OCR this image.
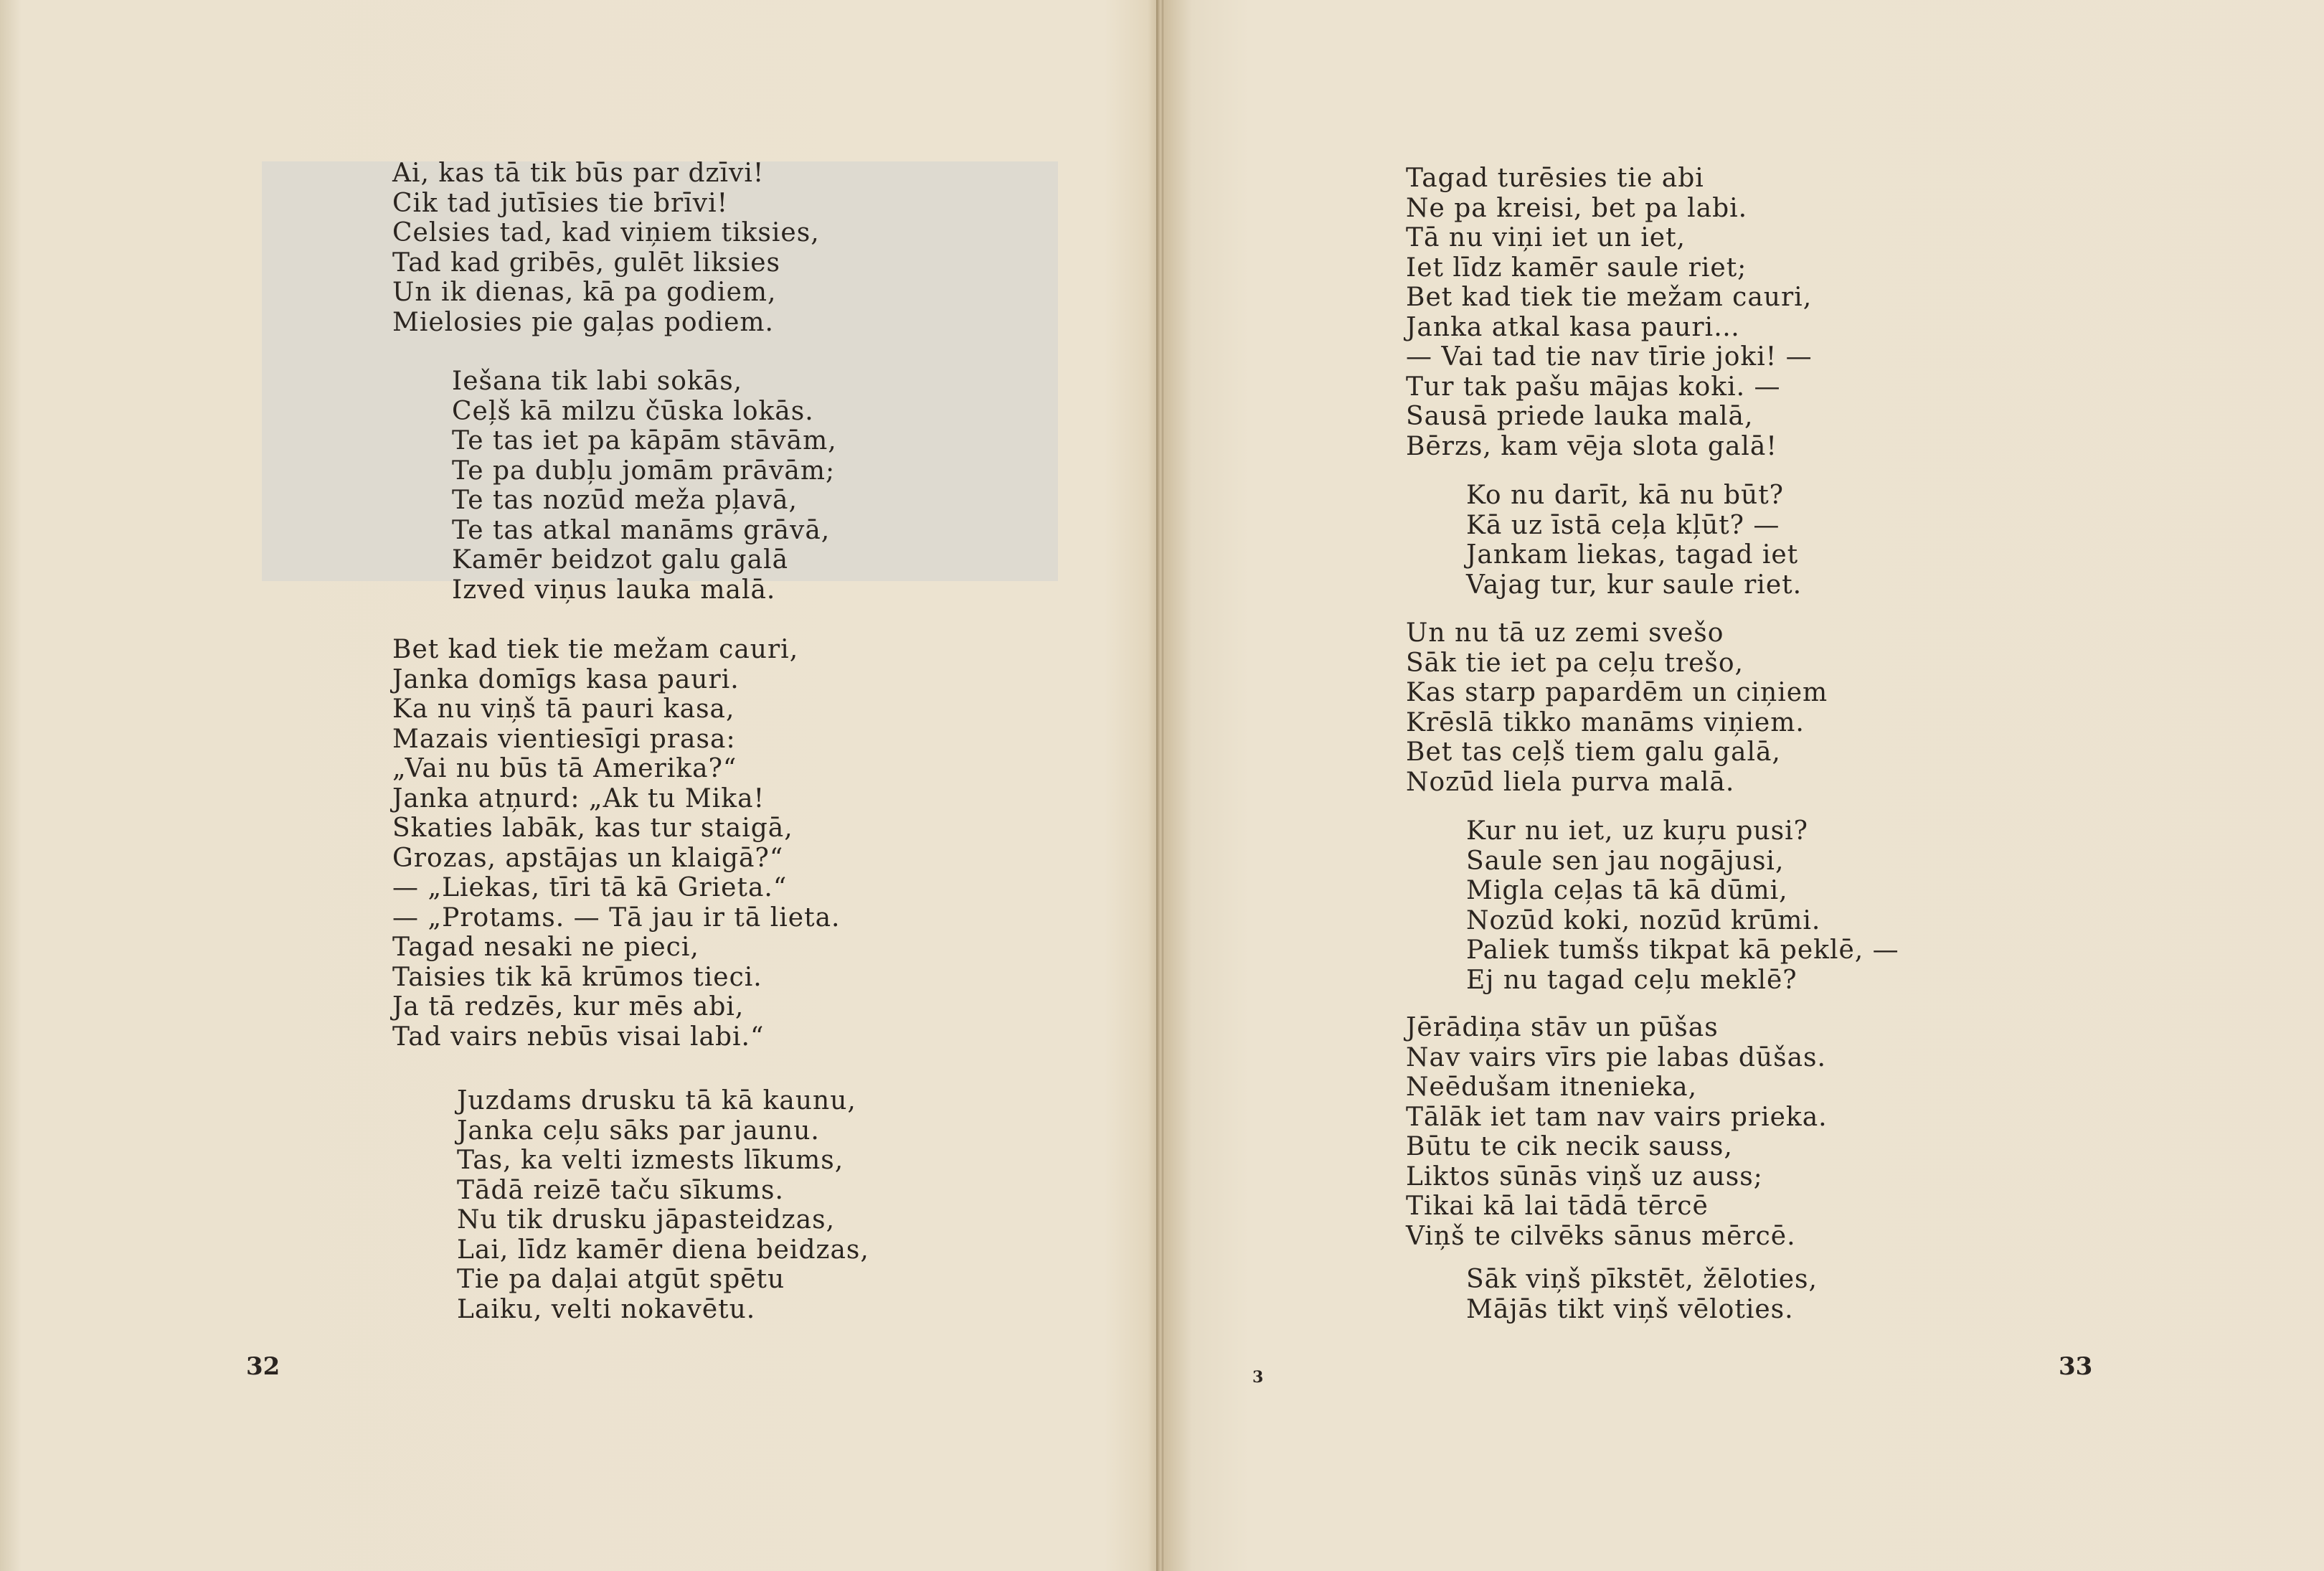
Ai, kas tā tik būs par dzīvi!
Cik tad jutīsies tie brīvi!
Celsies tad, kad viņiem tiksies,
Tad kad gribēs, gulēt liksies
Un ik dienas, kā pa godiem,
Mielosies pie gaļas podiem.
Iešana tik labi sokās,
Ceļš kā milzu čūska lokās.
Te tas iet pa kāpām stāvām,
Te pa dubļu jomām prāvām;
Te tas nozūd meža pļavā,
Te tas atkal manāms grāvā,
Kamēr beidzot galu galā
Izved viņus lauka malā.
Bet kad tiek tie mežam cauri,
Janka domīgs kasa pauri.
Ka nu viņš tā pauri kasa,
Mazais vientiesīgi prasa:
„Vai nu būs tā Amerika?“
Janka atņurd: „Ak tu Mika!
Skaties labāk, kas tur staigā,
Grozas, apstājas un klaigā?“
— „Liekas, tīri tā kā Grieta.“
— „Protams. — Tā jau ir tā lieta.
Tagad nesaki ne pieci,
Taisies tik kā krūmos tieci.
Ja tā redzēs, kur mēs abi,
Tad vairs nebūs visai labi.“
Juzdams drusku tā kā kaunu,
Janka ceļu sāks par jaunu.
Tas, ka velti izmests līkums,
Tādā reizē taču sīkums.
Nu tik drusku jāpasteidzas,
Lai, līdz kamēr diena beidzas,
Tie pa daļai atgūt spētu
Laiku, velti nokavētu.
32
Tagad turēsies tie abi
Ne pa kreisi, bet pa labi.
Tā nu viņi iet un iet,
Iet līdz kamēr saule riet;
Bet kad tiek tie mežam cauri,
Janka atkal kasa pauri…
— Vai tad tie nav tīrie joki! —
Tur tak pašu mājas koki. —
Sausā priede lauka malā,
Bērzs, kam vēja slota galā!
Ko nu darīt, kā nu būt?
Kā uz īstā ceļa kļūt? —
Jankam liekas, tagad iet
Vajag tur, kur saule riet.
Un nu tā uz zemi svešo
Sāk tie iet pa ceļu trešo,
Kas starp papardēm un ciņiem
Krēslā tikko manāms viņiem.
Bet tas ceļš tiem galu galā,
Nozūd liela purva malā.
Kur nu iet, uz kuŗu pusi?
Saule sen jau nogājusi,
Migla ceļas tā kā dūmi,
Nozūd koki, nozūd krūmi.
Paliek tumšs tikpat kā peklē, —
Ej nu tagad ceļu meklē?
Jērādiņa stāv un pūšas
Nav vairs vīrs pie labas dūšas.
Neēdušam itnenieka,
Tālāk iet tam nav vairs prieka.
Būtu te cik necik sauss,
Liktos sūnās viņš uz auss;
Tikai kā lai tādā tērcē
Viņš te cilvēks sānus mērcē.
Sāk viņš pīkstēt, žēloties,
Mājās tikt viņš vēloties.
3	33
